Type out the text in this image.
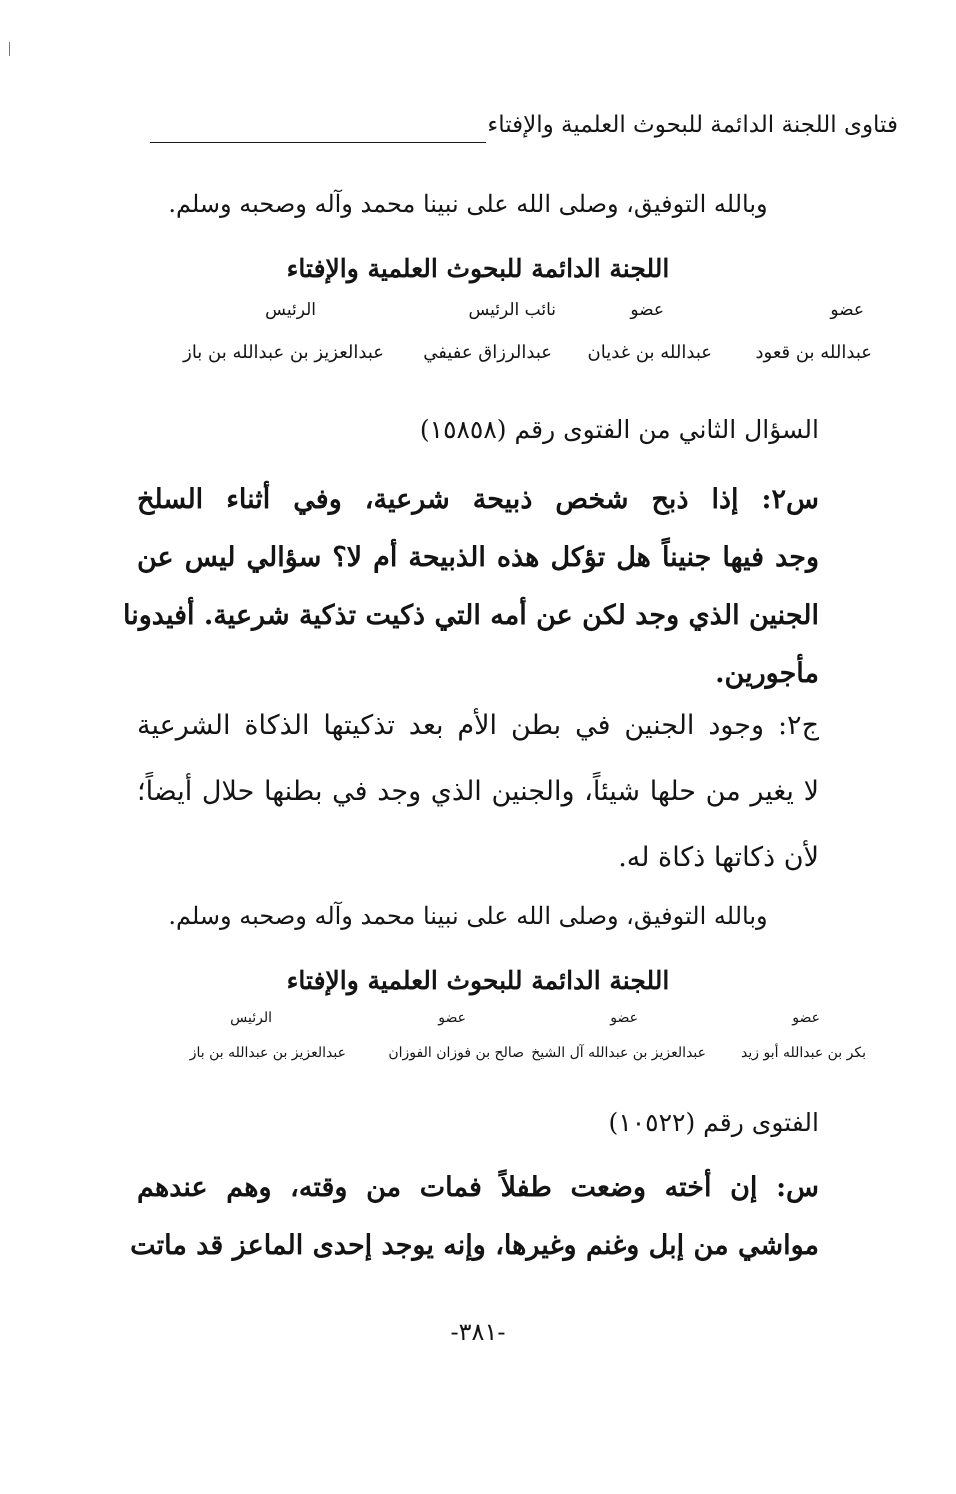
فتاوى اللجنة الدائمة للبحوث العلمية والإفتاء
وبالله التوفيق، وصلى الله على نبينا محمد وآله وصحبه وسلم.
اللجنة الدائمة للبحوث العلمية والإفتاء
عضو
عضو
نائب الرئيس
الرئيس
عبدالله بن قعود
عبدالله بن غديان
عبدالرزاق عفيفي
عبدالعزيز بن عبدالله بن باز
السؤال الثاني من الفتوى رقم (١٥٨٥٨)
س٢: إذا ذبح شخص ذبيحة شرعية، وفي أثناء السلخ
وجد فيها جنيناً هل تؤكل هذه الذبيحة أم لا؟ سؤالي ليس عن
الجنين الذي وجد لكن عن أمه التي ذكيت تذكية شرعية. أفيدونا
مأجورين.
ج٢: وجود الجنين في بطن الأم بعد تذكيتها الذكاة الشرعية
لا يغير من حلها شيئاً، والجنين الذي وجد في بطنها حلال أيضاً؛
لأن ذكاتها ذكاة له.
وبالله التوفيق، وصلى الله على نبينا محمد وآله وصحبه وسلم.
اللجنة الدائمة للبحوث العلمية والإفتاء
عضو
عضو
عضو
الرئيس
بكر بن عبدالله أبو زيد
عبدالعزيز بن عبدالله آل الشيخ
صالح بن فوزان الفوزان
عبدالعزيز بن عبدالله بن باز
الفتوى رقم (١٠٥٢٢)
س: إن أخته وضعت طفلاً فمات من وقته، وهم عندهم
مواشي من إبل وغنم وغيرها، وإنه يوجد إحدى الماعز قد ماتت
-٣٨١-
